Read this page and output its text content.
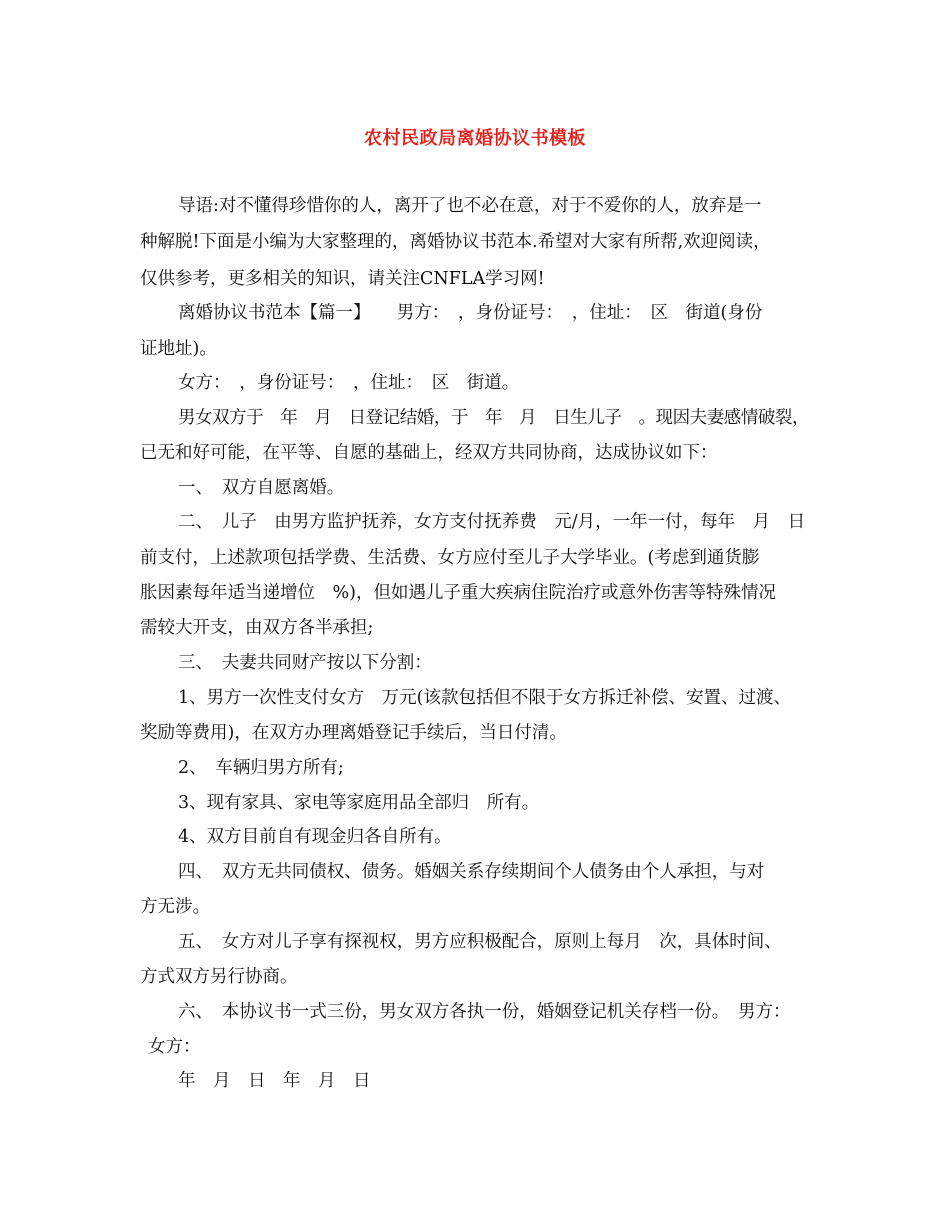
农村民政局离婚协议书模板
导语:对不懂得珍惜你的人，离开了也不必在意，对于不爱你的人，放弃是一
种解脱!下面是小编为大家整理的，离婚协议书范本.希望对大家有所帮,欢迎阅读，
仅供参考，更多相关的知识，请关注CNFLA学习网!
离婚协议书范本【篇一】　　男方：　，身份证号：　，住址：　区　街道(身份
证地址)。
女方：　，身份证号：　，住址：　区　街道。
男女双方于　年　月　日登记结婚，于　年　月　日生儿子　。现因夫妻感情破裂，
已无和好可能，在平等、自愿的基础上，经双方共同协商，达成协议如下：
一、　双方自愿离婚。
二、　儿子　由男方监护抚养，女方支付抚养费　元/月，一年一付，每年　月　日
前支付，上述款项包括学费、生活费、女方应付至儿子大学毕业。(考虑到通货膨
胀因素每年适当递增位　%)，但如遇儿子重大疾病住院治疗或意外伤害等特殊情况
需较大开支，由双方各半承担;
三、　夫妻共同财产按以下分割：
1、男方一次性支付女方　万元(该款包括但不限于女方拆迁补偿、安置、过渡、
奖励等费用)，在双方办理离婚登记手续后，当日付清。
2、　车辆归男方所有;
3、现有家具、家电等家庭用品全部归　所有。
4、双方目前自有现金归各自所有。
四、　双方无共同债权、债务。婚姻关系存续期间个人债务由个人承担，与对
方无涉。
五、　女方对儿子享有探视权，男方应积极配合，原则上每月　次，具体时间、
方式双方另行协商。
六、　本协议书一式三份，男女双方各执一份，婚姻登记机关存档一份。　男方：
女方：
年　月　日　年　月　日
